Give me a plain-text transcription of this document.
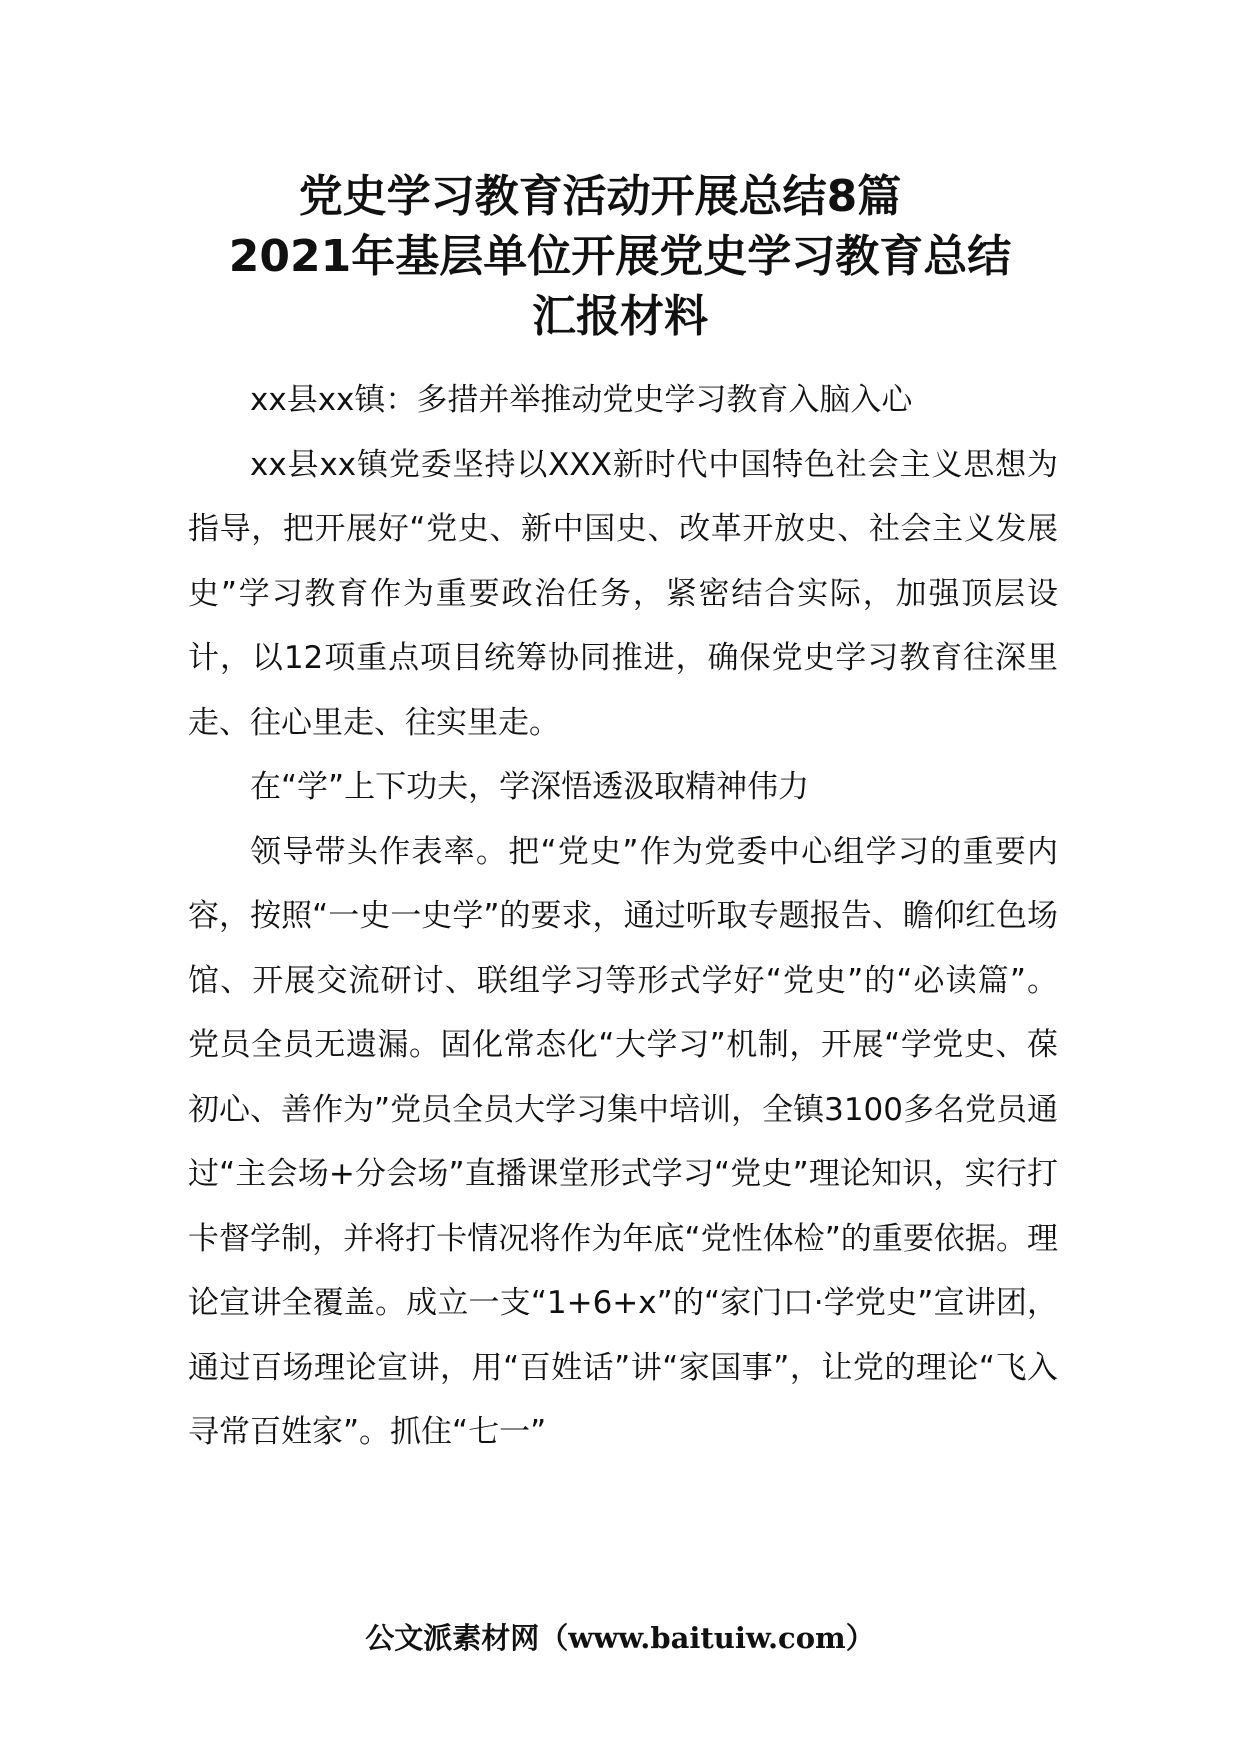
党史学习教育活动开展总结8篇
2021年基层单位开展党史学习教育总结
汇报材料

xx县xx镇：多措并举推动党史学习教育入脑入心

xx县xx镇党委坚持以XXX新时代中国特色社会主义思想为指导，把开展好“党史、新中国史、改革开放史、社会主义发展史”学习教育作为重要政治任务，紧密结合实际，加强顶层设计，以12项重点项目统筹协同推进，确保党史学习教育往深里走、往心里走、往实里走。

在“学”上下功夫，学深悟透汲取精神伟力

领导带头作表率。把“党史”作为党委中心组学习的重要内容，按照“一史一史学”的要求，通过听取专题报告、瞻仰红色场馆、开展交流研讨、联组学习等形式学好“党史”的“必读篇”。党员全员无遗漏。固化常态化“大学习”机制，开展“学党史、葆初心、善作为”党员全员大学习集中培训，全镇3100多名党员通过“主会场+分会场”直播课堂形式学习“党史”理论知识，实行打卡督学制，并将打卡情况将作为年底“党性体检”的重要依据。理论宣讲全覆盖。成立一支“1+6+x”的“家门口·学党史”宣讲团，通过百场理论宣讲，用“百姓话”讲“家国事”，让党的理论“飞入寻常百姓家”。抓住“七一”

公文派素材网（www.baituiw.com）
